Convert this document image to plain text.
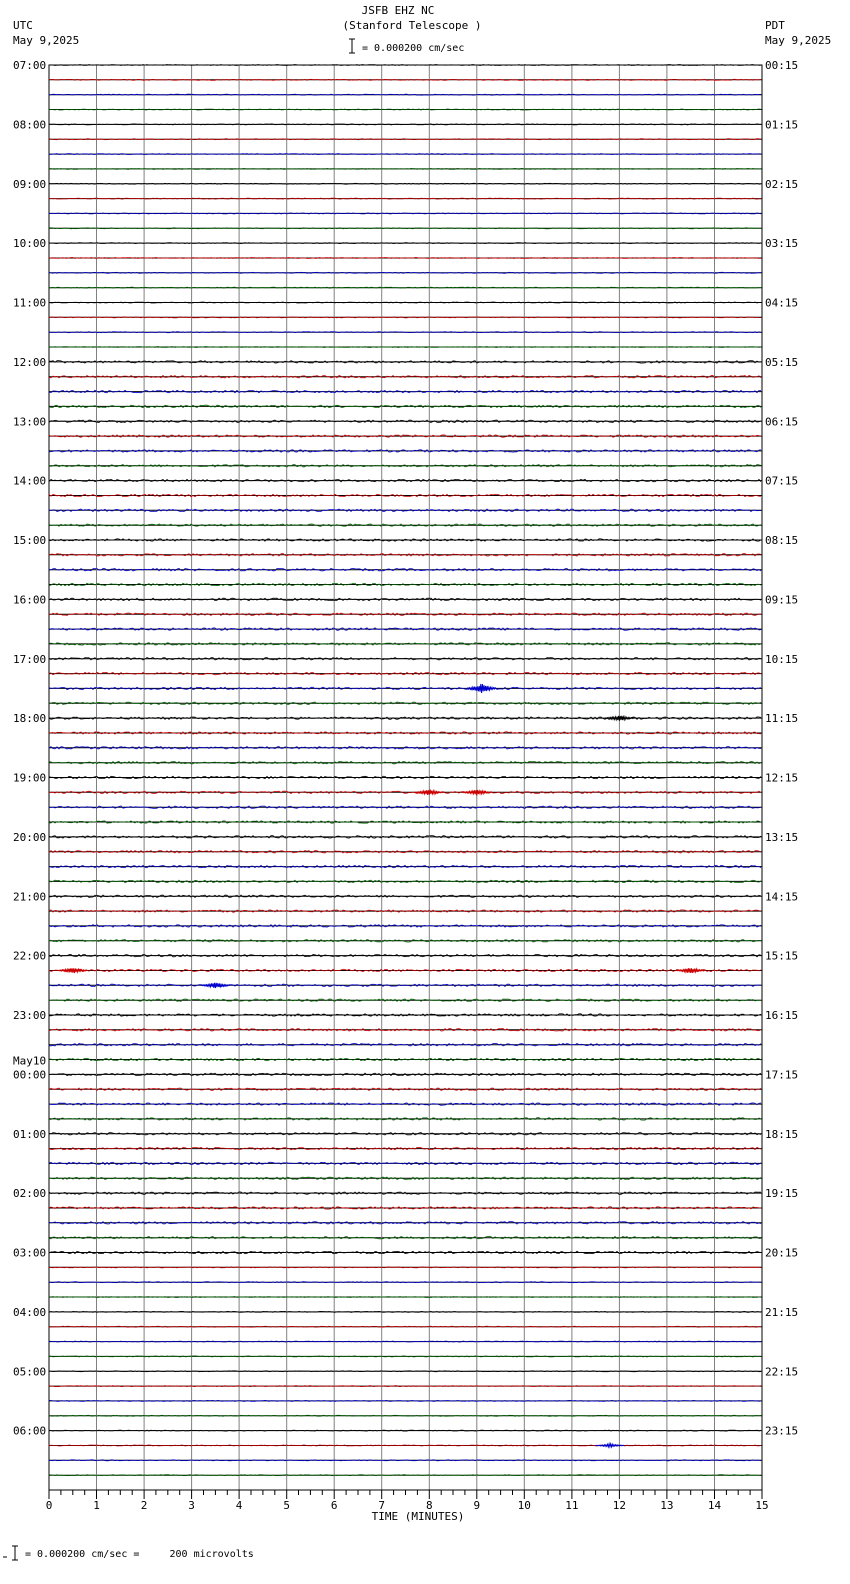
JSFB EHZ NC
(Stanford Telescope )
= 0.000200 cm/sec
UTC
May 9,2025
PDT
May 9,2025
= 0.000200 cm/sec =     200 microvolts
0	1	2	3	4	5	6	7	8	9	10	11	12	13	14	15
07:00
08:00
09:00
10:00
11:00
12:00
13:00
14:00
15:00
16:00
17:00
18:00
19:00
20:00
21:00
22:00
23:00
00:00
May10
01:00
02:00
03:00
04:00
05:00
06:00
00:15
01:15
02:15
03:15
04:15
05:15
06:15
07:15
08:15
09:15
10:15
11:15
12:15
13:15
14:15
15:15
16:15
17:15
18:15
19:15
20:15
21:15
22:15
23:15
TIME (MINUTES)
